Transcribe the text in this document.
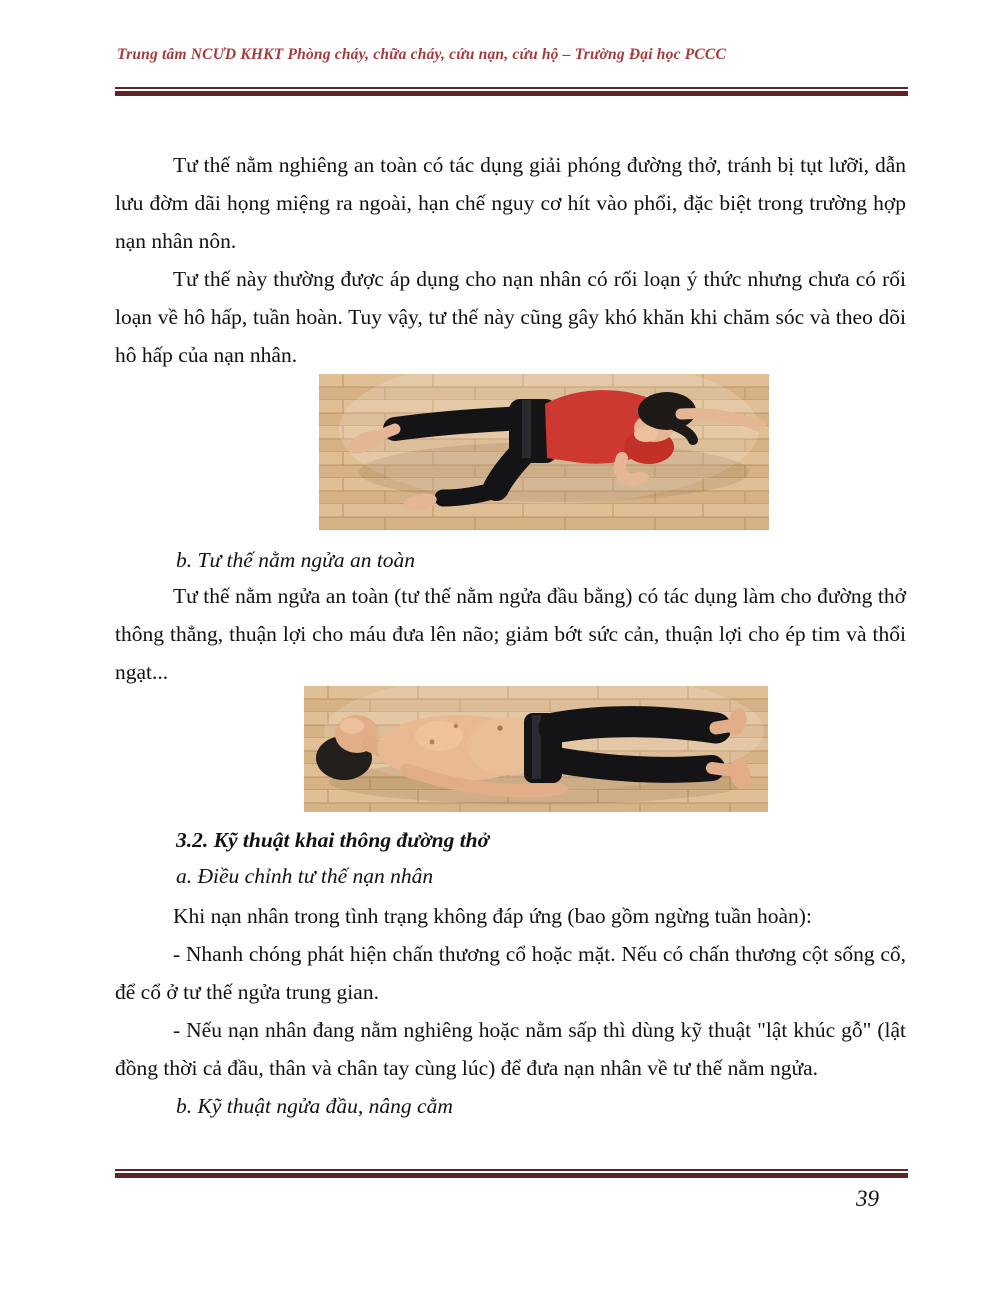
Trung tâm NCƯD KHKT Phòng cháy, chữa cháy, cứu nạn, cứu hộ – Trường Đại học PCCC

Tư thế nằm nghiêng an toàn có tác dụng giải phóng đường thở, tránh bị tụt lưỡi, dẫn lưu đờm dãi họng miệng ra ngoài, hạn chế nguy cơ hít vào phổi, đặc biệt trong trường hợp nạn nhân nôn.

Tư thế này thường được áp dụng cho nạn nhân có rối loạn ý thức nhưng chưa có rối loạn về hô hấp, tuần hoàn. Tuy vậy, tư thế này cũng gây khó khăn khi chăm sóc và theo dõi hô hấp của nạn nhân.

b. Tư thế nằm ngửa an toàn

Tư thế nằm ngửa an toàn (tư thế nằm ngửa đầu bằng) có tác dụng làm cho đường thở thông thẳng, thuận lợi cho máu đưa lên não; giảm bớt sức cản, thuận lợi cho ép tim và thổi ngạt...

3.2. Kỹ thuật khai thông đường thở

a. Điều chỉnh tư thế nạn nhân

Khi nạn nhân trong tình trạng không đáp ứng (bao gồm ngừng tuần hoàn):

- Nhanh chóng phát hiện chấn thương cổ hoặc mặt. Nếu có chấn thương cột sống cổ, để cổ ở tư thế ngửa trung gian.

- Nếu nạn nhân đang nằm nghiêng hoặc nằm sấp thì dùng kỹ thuật "lật khúc gỗ" (lật đồng thời cả đầu, thân và chân tay cùng lúc) để đưa nạn nhân về tư thế nằm ngửa.

b. Kỹ thuật ngửa đầu, nâng cằm

39
